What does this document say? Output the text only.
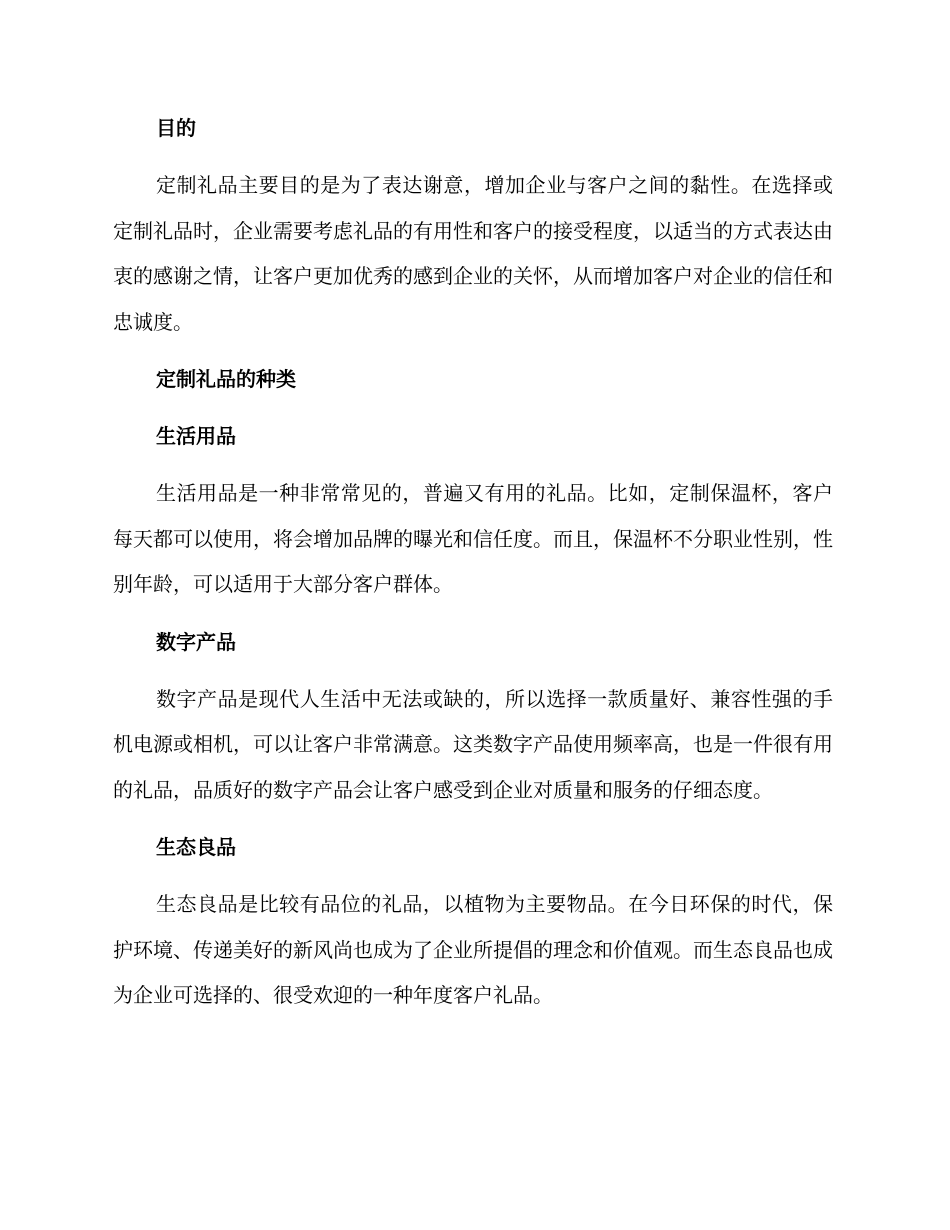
目的

定制礼品主要目的是为了表达谢意，增加企业与客户之间的黏性。在选择或定制礼品时，企业需要考虑礼品的有用性和客户的接受程度，以适当的方式表达由衷的感谢之情，让客户更加优秀的感到企业的关怀，从而增加客户对企业的信任和忠诚度。

定制礼品的种类
生活用品

生活用品是一种非常常见的，普遍又有用的礼品。比如，定制保温杯，客户每天都可以使用，将会增加品牌的曝光和信任度。而且，保温杯不分职业性别，性别年龄，可以适用于大部分客户群体。

数字产品

数字产品是现代人生活中无法或缺的，所以选择一款质量好、兼容性强的手机电源或相机，可以让客户非常满意。这类数字产品使用频率高，也是一件很有用的礼品，品质好的数字产品会让客户感受到企业对质量和服务的仔细态度。

生态良品

生态良品是比较有品位的礼品，以植物为主要物品。在今日环保的时代，保护环境、传递美好的新风尚也成为了企业所提倡的理念和价值观。而生态良品也成为企业可选择的、很受欢迎的一种年度客户礼品。
